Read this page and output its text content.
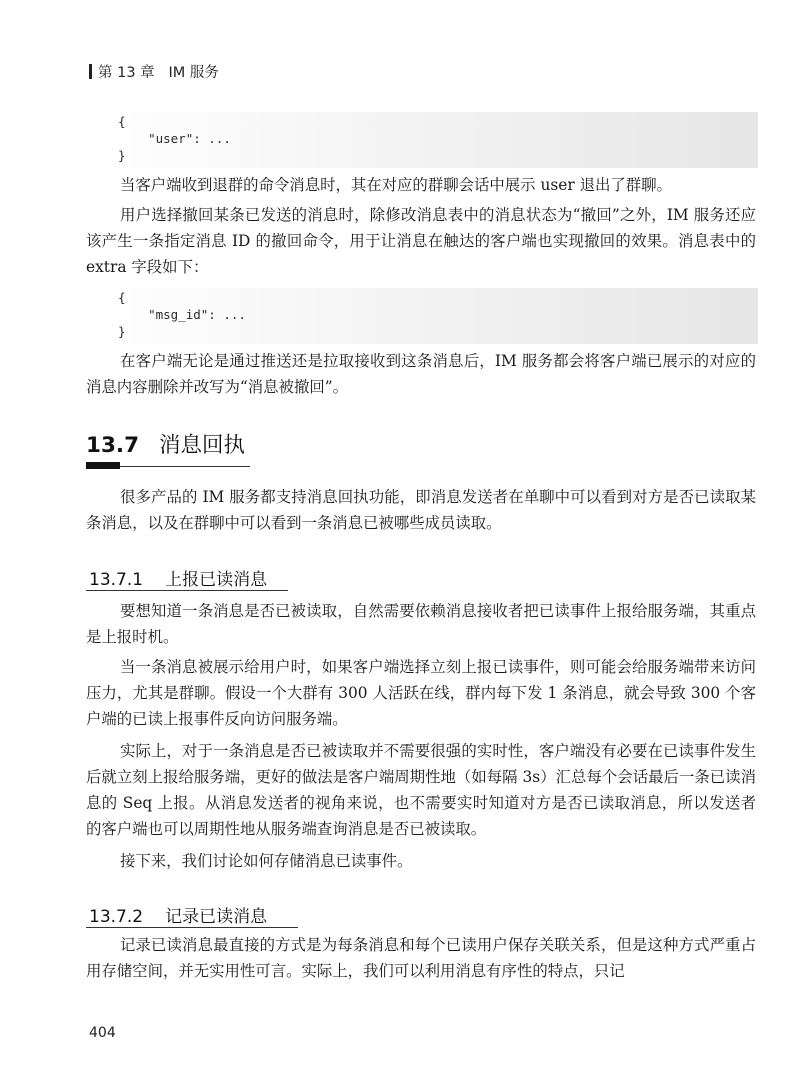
第 13 章 IM 服务
{
"user": ...
}

当客户端收到退群的命令消息时，其在对应的群聊会话中展示 user 退出了群聊。

用户选择撤回某条已发送的消息时，除修改消息表中的消息状态为“撤回”之外，IM 服务还应该产生一条指定消息 ID 的撤回命令，用于让消息在触达的客户端也实现撤回的效果。消息表中的 extra 字段如下：

{
"msg_id": ...
}

在客户端无论是通过推送还是拉取接收到这条消息后，IM 服务都会将客户端已展示的对应的消息内容删除并改写为“消息被撤回”。

13.7 消息回执

很多产品的 IM 服务都支持消息回执功能，即消息发送者在单聊中可以看到对方是否已读取某条消息，以及在群聊中可以看到一条消息已被哪些成员读取。

13.7.1 上报已读消息

要想知道一条消息是否已被读取，自然需要依赖消息接收者把已读事件上报给服务端，其重点是上报时机。

当一条消息被展示给用户时，如果客户端选择立刻上报已读事件，则可能会给服务端带来访问压力，尤其是群聊。假设一个大群有 300 人活跃在线，群内每下发 1 条消息，就会导致 300 个客户端的已读上报事件反向访问服务端。

实际上，对于一条消息是否已被读取并不需要很强的实时性，客户端没有必要在已读事件发生后就立刻上报给服务端，更好的做法是客户端周期性地（如每隔 3s）汇总每个会话最后一条已读消息的 Seq 上报。从消息发送者的视角来说，也不需要实时知道对方是否已读取消息，所以发送者的客户端也可以周期性地从服务端查询消息是否已被读取。

接下来，我们讨论如何存储消息已读事件。

13.7.2 记录已读消息

记录已读消息最直接的方式是为每条消息和每个已读用户保存关联关系，但是这种方式严重占用存储空间，并无实用性可言。实际上，我们可以利用消息有序性的特点，只记

404
